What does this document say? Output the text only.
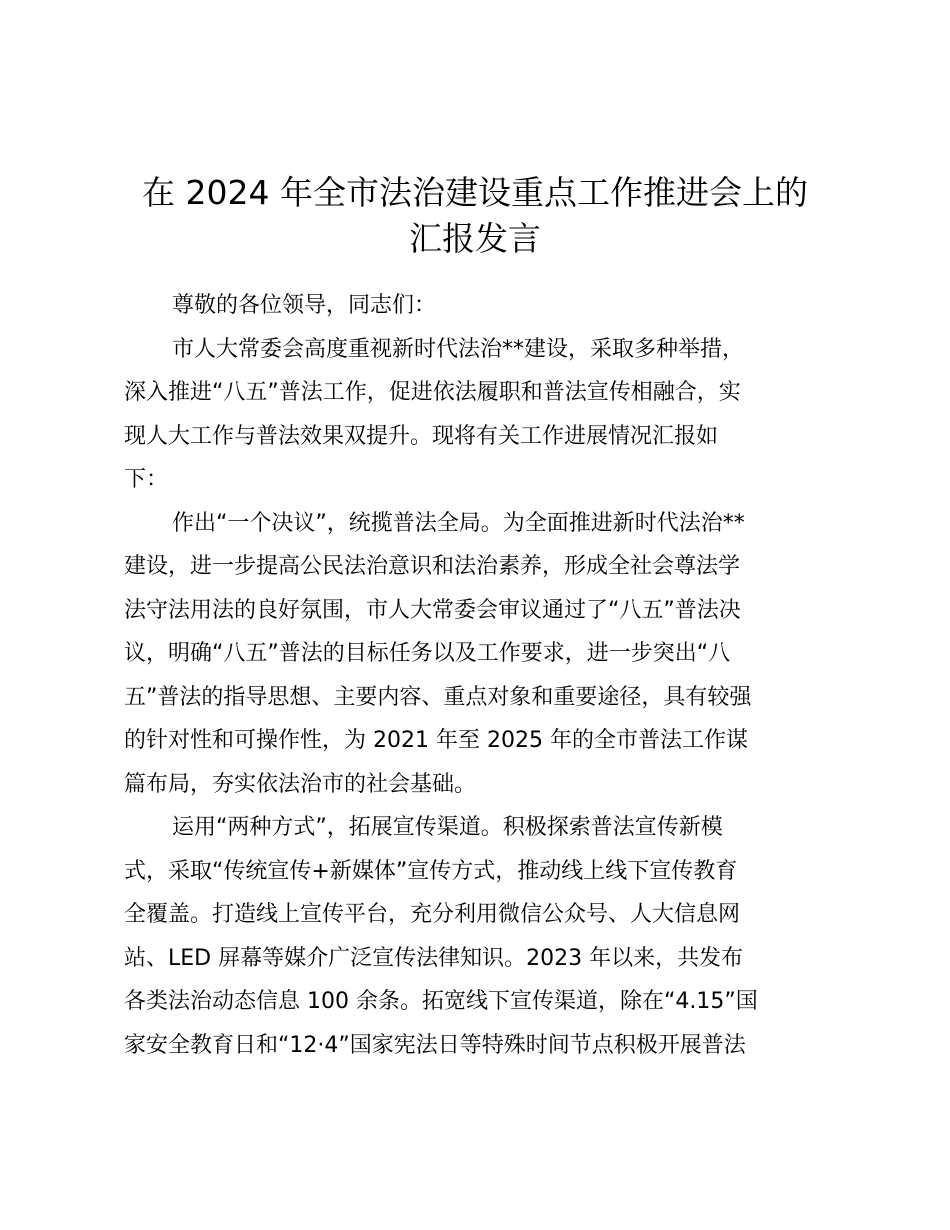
在 2024 年全市法治建设重点工作推进会上的
汇报发言
尊敬的各位领导，同志们：
市人大常委会高度重视新时代法治**建设，采取多种举措，
深入推进“八五”普法工作，促进依法履职和普法宣传相融合，实
现人大工作与普法效果双提升。现将有关工作进展情况汇报如
下：
作出“一个决议”，统揽普法全局。为全面推进新时代法治**
建设，进一步提高公民法治意识和法治素养，形成全社会尊法学
法守法用法的良好氛围，市人大常委会审议通过了“八五”普法决
议，明确“八五”普法的目标任务以及工作要求，进一步突出“八
五”普法的指导思想、主要内容、重点对象和重要途径，具有较强
的针对性和可操作性，为 2021 年至 2025 年的全市普法工作谋
篇布局，夯实依法治市的社会基础。
运用“两种方式”，拓展宣传渠道。积极探索普法宣传新模
式，采取“传统宣传+新媒体”宣传方式，推动线上线下宣传教育
全覆盖。打造线上宣传平台，充分利用微信公众号、人大信息网
站、LED 屏幕等媒介广泛宣传法律知识。2023 年以来，共发布
各类法治动态信息 100 余条。拓宽线下宣传渠道，除在“4.15”国
家安全教育日和“12·4”国家宪法日等特殊时间节点积极开展普法
